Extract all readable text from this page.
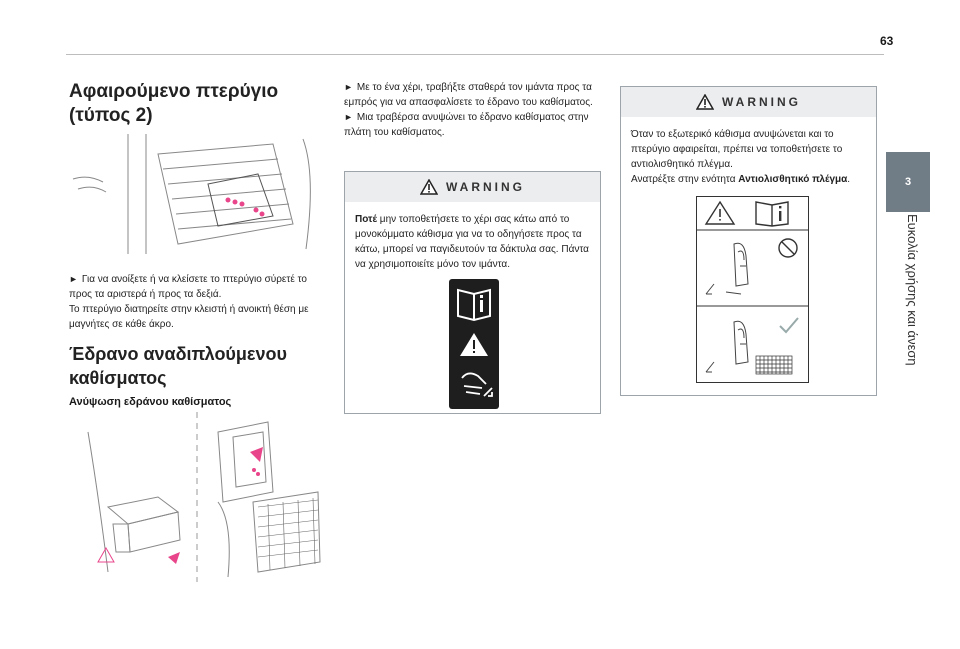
63
3
Ευκολία χρήσης και άνεση
Αφαιρούμενο πτερύγιο
(τύπος 2)

► Για να ανοίξετε ή να κλείσετε το πτερύγιο σύρετέ το προς τα αριστερά ή προς τα δεξιά.

Το πτερύγιο διατηρείτε στην κλειστή ή ανοικτή θέση με μαγνήτες σε κάθε άκρο.

Έδρανο αναδιπλούμενου
καθίσματος
Ανύψωση εδράνου καθίσματος

► Με το ένα χέρι, τραβήξτε σταθερά τον ιμάντα προς τα εμπρός για να απασφαλίσετε το έδρανο του καθίσματος.

► Μια τραβέρσα ανυψώνει το έδρανο καθίσματος στην πλάτη του καθίσματος.

WARNING
Ποτέ μην τοποθετήσετε το χέρι σας κάτω από το μονοκόμματο κάθισμα για να το οδηγήσετε προς τα κάτω, μπορεί να παγιδευτούν τα δάκτυλα σας. Πάντα να χρησιμοποιείτε μόνο τον ιμάντα.
WARNING
Όταν το εξωτερικό κάθισμα ανυψώνεται και το πτερύγιο αφαιρείται, πρέπει να τοποθετήσετε το αντιολισθητικό πλέγμα.
Ανατρέξτε στην ενότητα Αντιολισθητικό πλέγμα.
